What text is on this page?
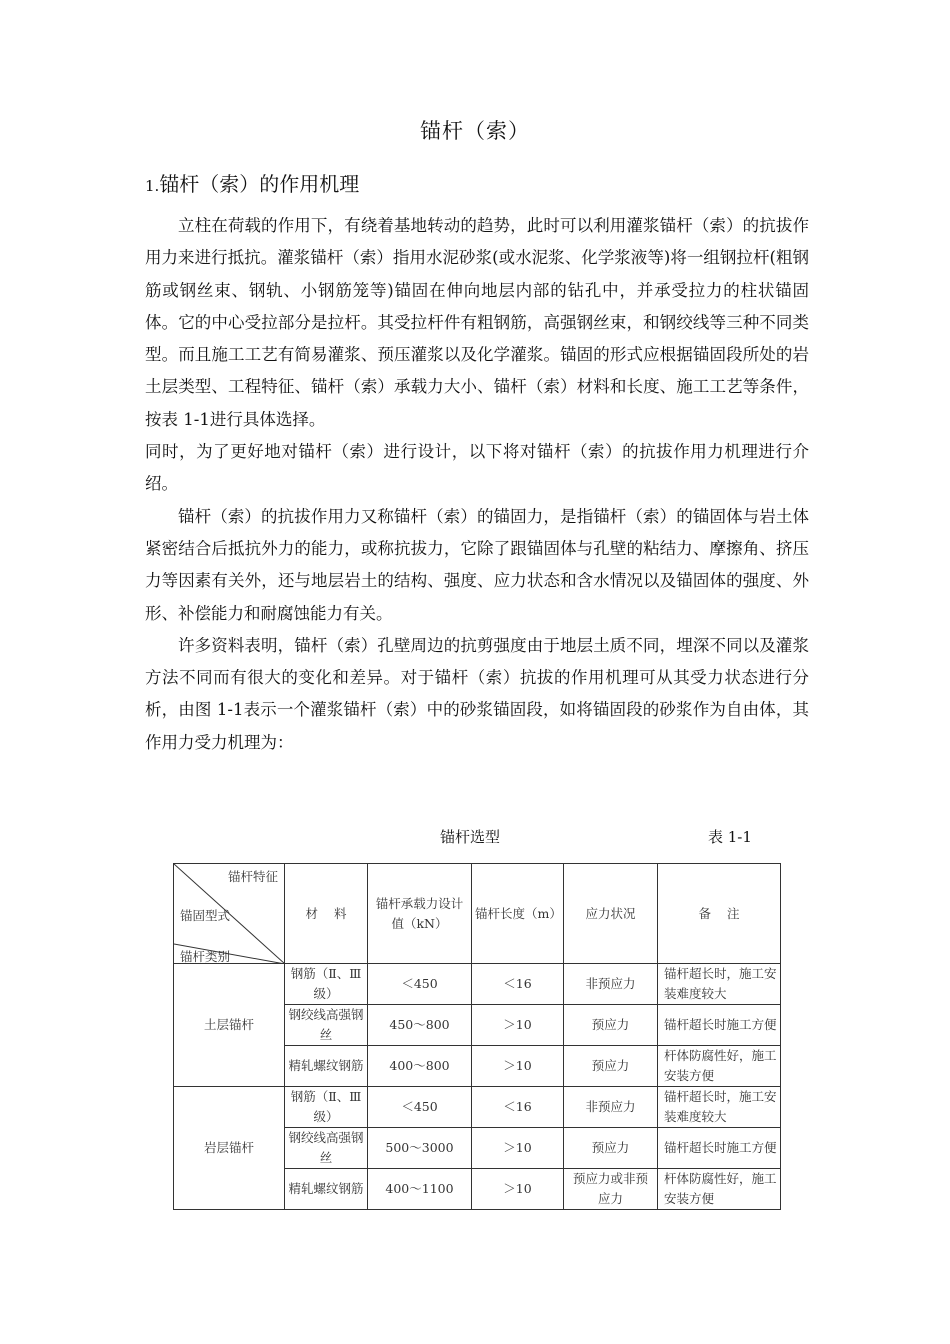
锚杆（索）
1.锚杆（索）的作用机理

立柱在荷载的作用下，有绕着基地转动的趋势，此时可以利用灌浆锚杆（索）的抗拔作用力来进行抵抗。灌浆锚杆（索）指用水泥砂浆(或水泥浆、化学浆液等)将一组钢拉杆(粗钢筋或钢丝束、钢轨、小钢筋笼等)锚固在伸向地层内部的钻孔中，并承受拉力的柱状锚固体。它的中心受拉部分是拉杆。其受拉杆件有粗钢筋，高强钢丝束，和钢绞线等三种不同类型。而且施工工艺有简易灌浆、预压灌浆以及化学灌浆。锚固的形式应根据锚固段所处的岩土层类型、工程特征、锚杆（索）承载力大小、锚杆（索）材料和长度、施工工艺等条件，按表 1-1进行具体选择。

同时，为了更好地对锚杆（索）进行设计，以下将对锚杆（索）的抗拔作用力机理进行介绍。

锚杆（索）的抗拔作用力又称锚杆（索）的锚固力，是指锚杆（索）的锚固体与岩土体紧密结合后抵抗外力的能力，或称抗拔力，它除了跟锚固体与孔壁的粘结力、摩擦角、挤压力等因素有关外，还与地层岩土的结构、强度、应力状态和含水情况以及锚固体的强度、外形、补偿能力和耐腐蚀能力有关。

许多资料表明，锚杆（索）孔壁周边的抗剪强度由于地层土质不同，埋深不同以及灌浆方法不同而有很大的变化和差异。对于锚杆（索）抗拔的作用机理可从其受力状态进行分析，由图 1-1表示一个灌浆锚杆（索）中的砂浆锚固段，如将锚固段的砂浆作为自由体，其作用力受力机理为：

锚杆选型	表 1-1
锚杆特征
锚固型式
锚杆类别	材    料	锚杆承载力设计值（kN）	锚杆长度（m）	应力状况	备    注
土层锚杆	钢筋（Ⅱ、Ⅲ级）	＜450	＜16	非预应力	锚杆超长时，施工安装难度较大
	钢绞线高强钢丝	450～800	＞10	预应力	锚杆超长时施工方便
	精轧螺纹钢筋	400～800	＞10	预应力	杆体防腐性好，施工安装方便
岩层锚杆	钢筋（Ⅱ、Ⅲ级）	＜450	＜16	非预应力	锚杆超长时，施工安装难度较大
	钢绞线高强钢丝	500～3000	＞10	预应力	锚杆超长时施工方便
	精轧螺纹钢筋	400～1100	＞10	预应力或非预应力	杆体防腐性好，施工安装方便
